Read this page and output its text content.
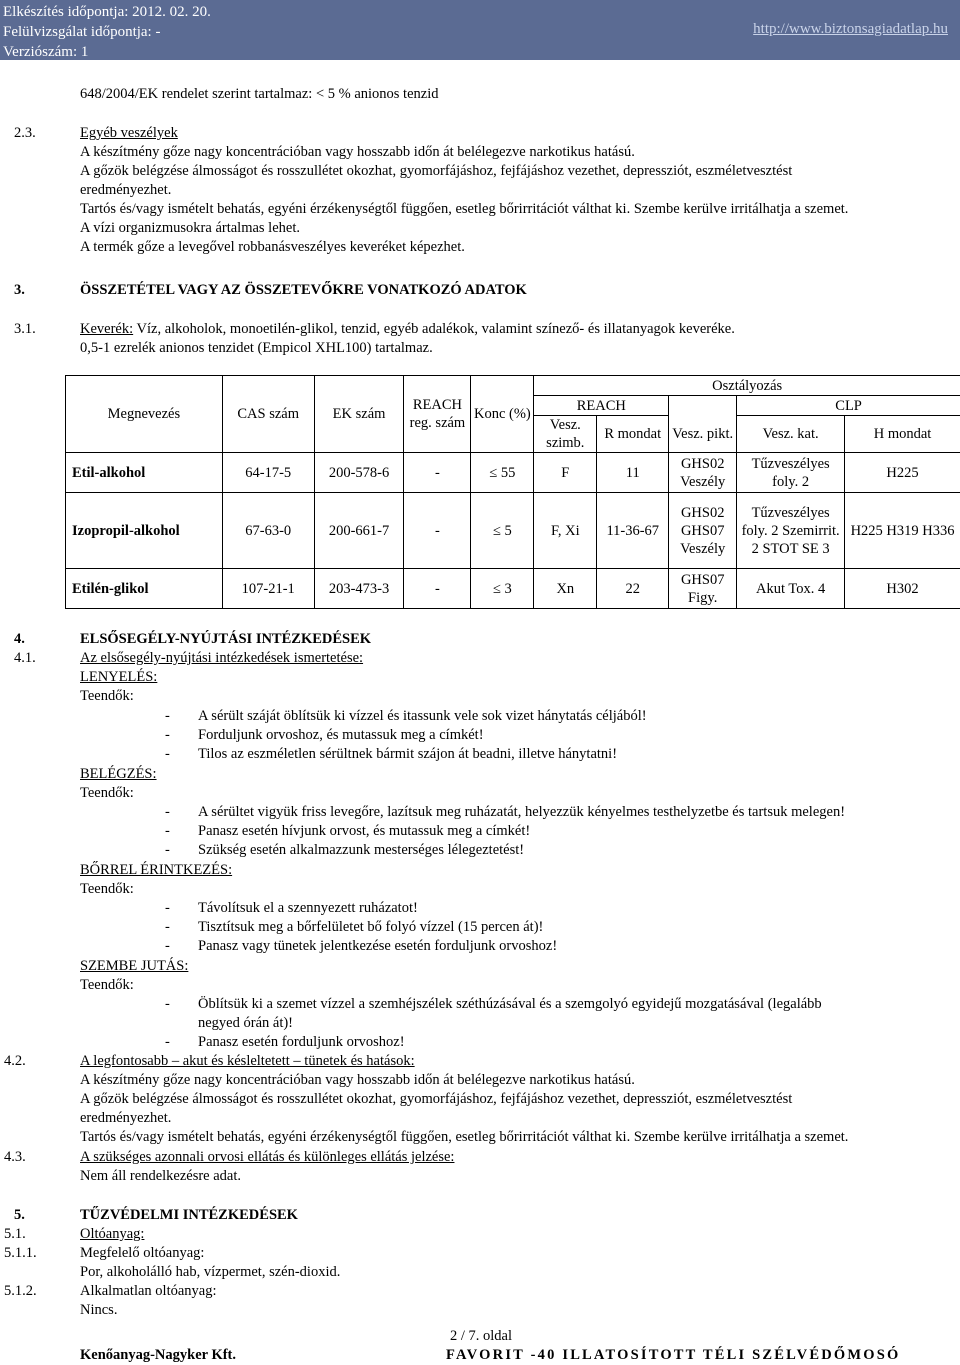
Elkészítés időpontja: 2012. 02. 20.
Felülvizsgálat időpontja: -
Verziószám: 1
http://www.biztonsagiadatlap.hu
648/2004/EK rendelet szerint tartalmaz: < 5 % anionos tenzid
2.3.	Egyéb veszélyek
A készítmény gőze nagy koncentrációban vagy hosszabb időn át belélegezve narkotikus hatású.
A gőzök belégzése álmosságot és rosszullétet okozhat, gyomorfájáshoz, fejfájáshoz vezethet, depressziót, eszméletvesztést
eredményezhet.
Tartós és/vagy ismételt behatás, egyéni érzékenységtől függően, esetleg bőrirritációt válthat ki. Szembe kerülve irritálhatja a szemet.
A vízi organizmusokra ártalmas lehet.
A termék gőze a levegővel robbanásveszélyes keveréket képezhet.
3.	ÖSSZETÉTEL VAGY AZ ÖSSZETEVŐKRE VONATKOZÓ ADATOK
3.1.	Keverék: Víz, alkoholok, monoetilén-glikol, tenzid, egyéb adalékok, valamint színező- és illatanyagok keveréke.
0,5-1 ezrelék anionos tenzidet (Empicol XHL100) tartalmaz.
Megnevezés	CAS szám	EK szám	REACH reg. szám	Konc (%)	Osztályozás				
					REACH			CLP	
					Vesz. szimb.	R mondat	Vesz. pikt.	Vesz. kat.	H mondat
Etil-alkohol	64-17-5	200-578-6	-	≤ 55	F	11	GHS02 Veszély	Tűzveszélyes foly. 2	H225
Izopropil-alkohol	67-63-0	200-661-7	-	≤ 5	F, Xi	11-36-67	GHS02 GHS07 Veszély	Tűzveszélyes foly. 2 Szemirrit. 2 STOT SE 3	H225 H319 H336
Etilén-glikol	107-21-1	203-473-3	-	≤ 3	Xn	22	GHS07 Figy.	Akut Tox. 4	H302
4.	ELSŐSEGÉLY-NYÚJTÁSI INTÉZKEDÉSEK
4.1.	Az elsősegély-nyújtási intézkedések ismertetése:
LENYELÉS:
Teendők:
- A sérült száját öblítsük ki vízzel és itassunk vele sok vizet hánytatás céljából!
- Forduljunk orvoshoz, és mutassuk meg a címkét!
- Tilos az eszméletlen sérültnek bármit szájon át beadni, illetve hánytatni!
BELÉGZÉS:
Teendők:
- A sérültet vigyük friss levegőre, lazítsuk meg ruházatát, helyezzük kényelmes testhelyzetbe és tartsuk melegen!
- Panasz esetén hívjunk orvost, és mutassuk meg a címkét!
- Szükség esetén alkalmazzunk mesterséges lélegeztetést!
BŐRREL ÉRINTKEZÉS:
Teendők:
- Távolítsuk el a szennyezett ruházatot!
- Tisztítsuk meg a bőrfelületet bő folyó vízzel (15 percen át)!
- Panasz vagy tünetek jelentkezése esetén forduljunk orvoshoz!
SZEMBE JUTÁS:
Teendők:
- Öblítsük ki a szemet vízzel a szemhéjszélek széthúzásával és a szemgolyó egyidejű mozgatásával (legalább
negyed órán át)!
- Panasz esetén forduljunk orvoshoz!
4.2.	A legfontosabb – akut és késleltetett – tünetek és hatások:
A készítmény gőze nagy koncentrációban vagy hosszabb időn át belélegezve narkotikus hatású.
A gőzök belégzése álmosságot és rosszullétet okozhat, gyomorfájáshoz, fejfájáshoz vezethet, depressziót, eszméletvesztést
eredményezhet.
Tartós és/vagy ismételt behatás, egyéni érzékenységtől függően, esetleg bőrirritációt válthat ki. Szembe kerülve irritálhatja a szemet.
4.3.	A szükséges azonnali orvosi ellátás és különleges ellátás jelzése:
Nem áll rendelkezésre adat.
5.	TŰZVÉDELMI INTÉZKEDÉSEK
5.1.	Oltóanyag:
5.1.1.	Megfelelő oltóanyag:
Por, alkoholálló hab, vízpermet, szén-dioxid.
5.1.2.	Alkalmatlan oltóanyag:
Nincs.
2 / 7. oldal
Kenőanyag-Nagyker Kft.	FAVORIT -40 ILLATOSÍTOTT TÉLI SZÉLVÉDŐMOSÓ
